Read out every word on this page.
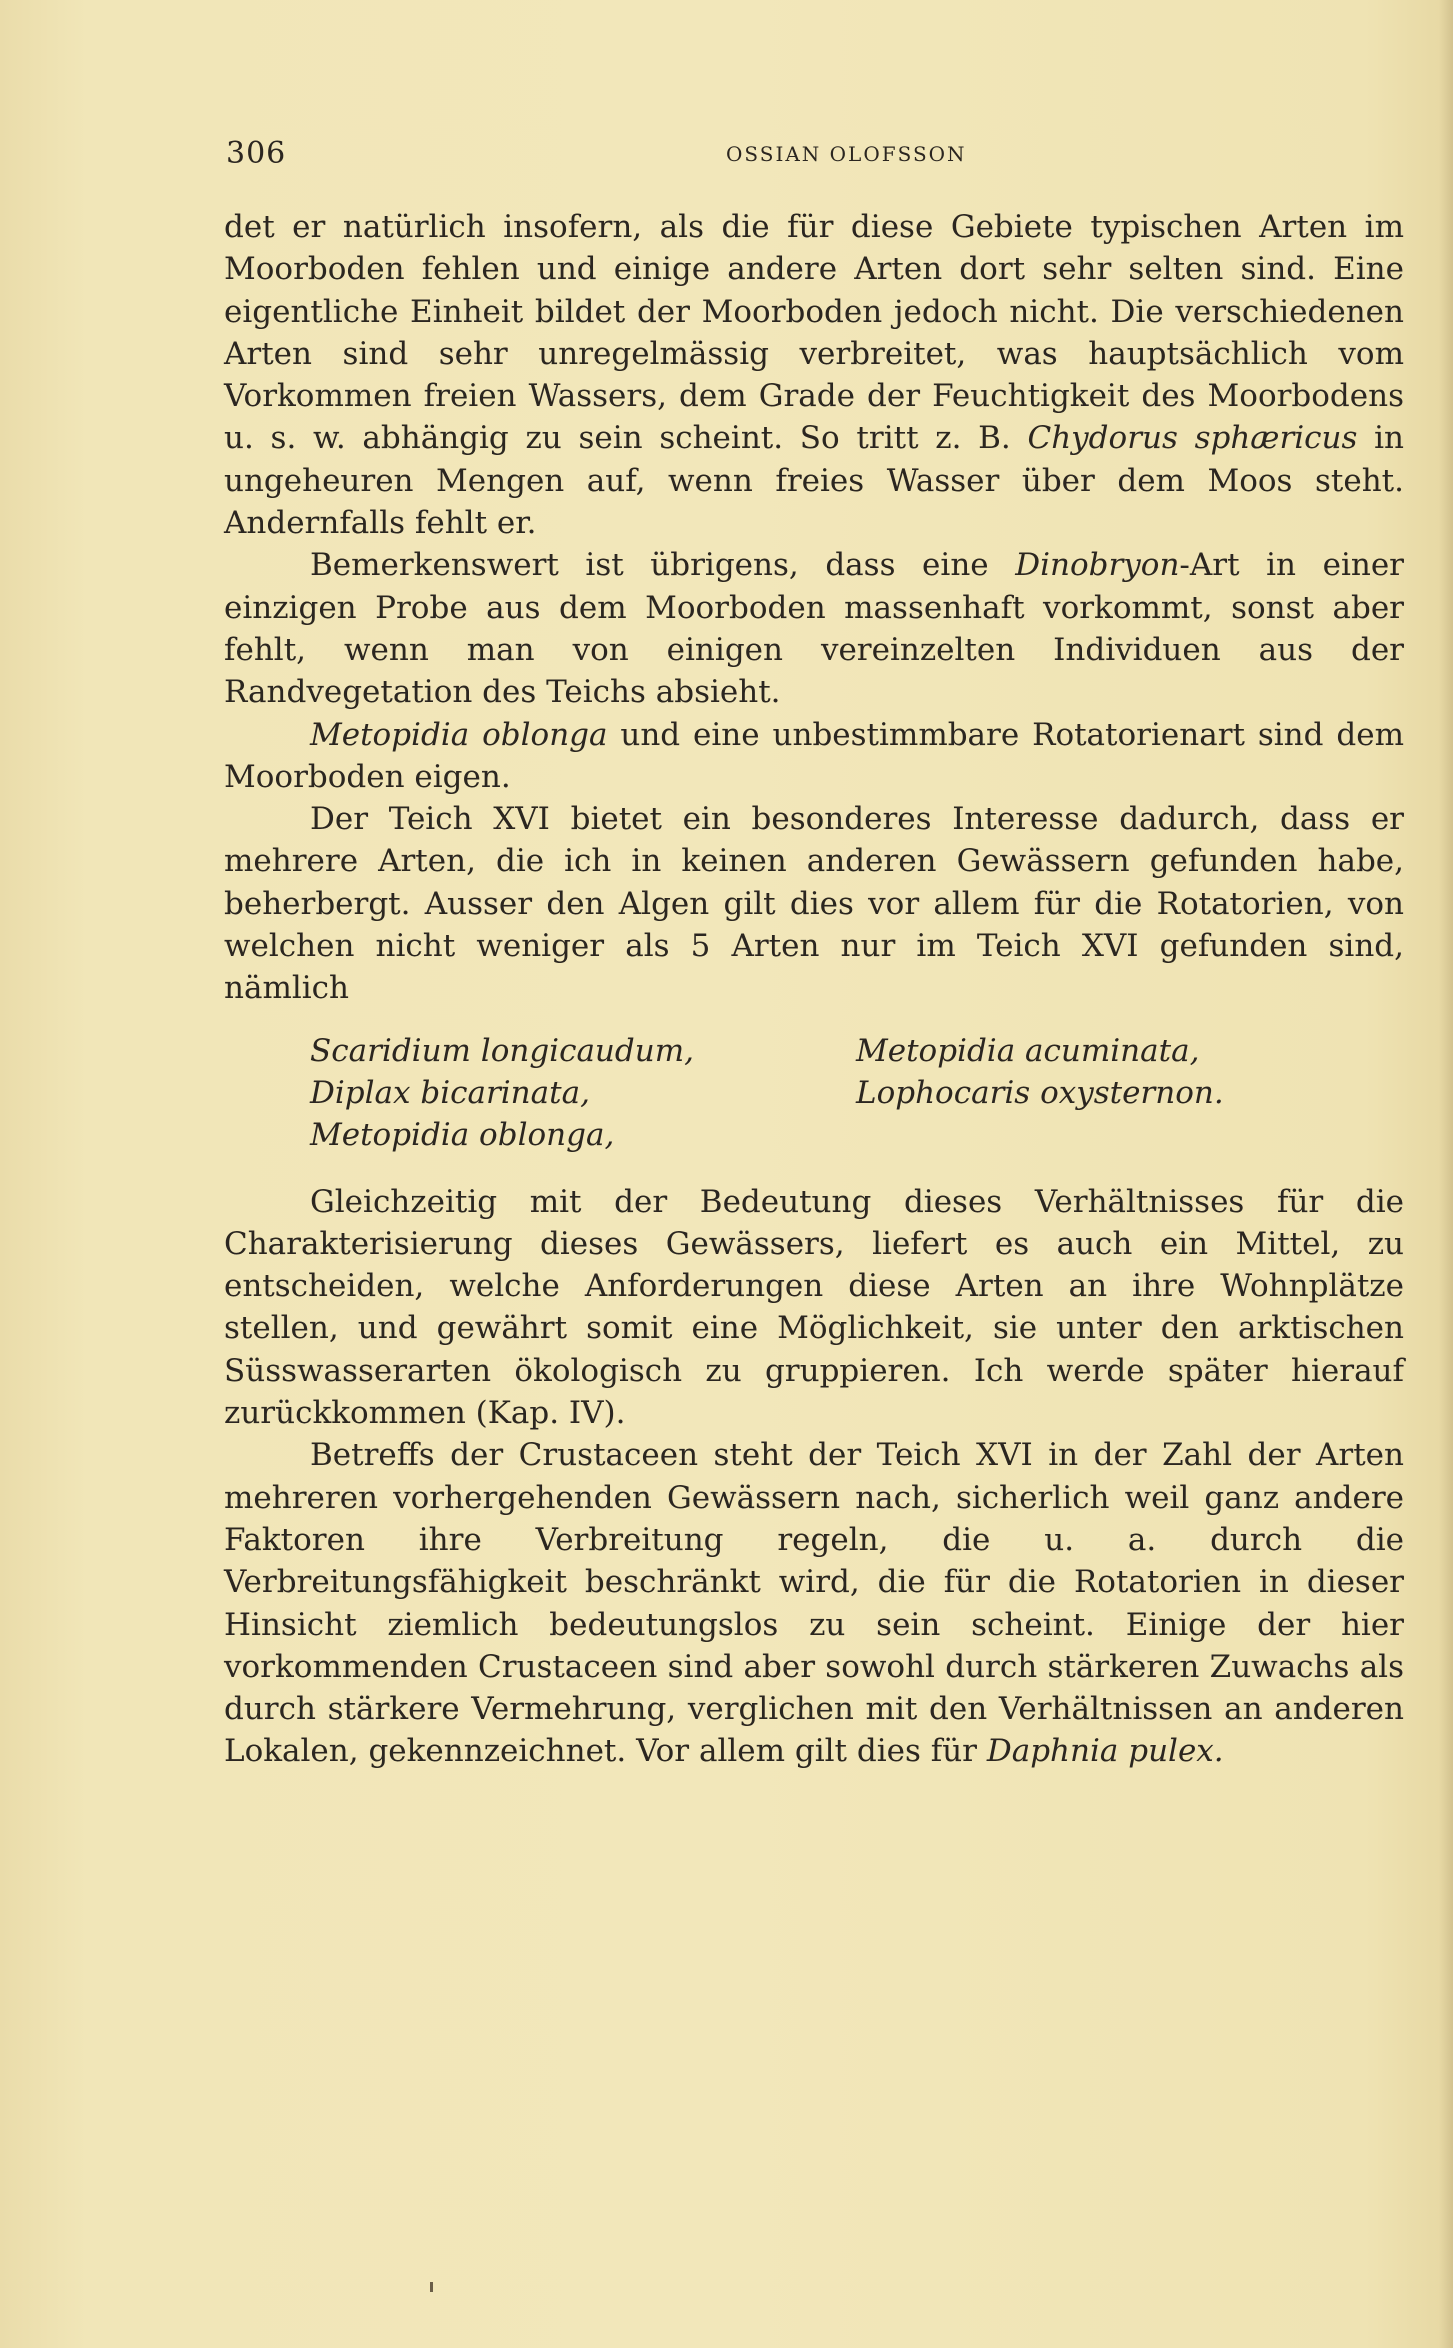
306	OSSIAN OLOFSSON

det er natürlich insofern, als die für diese Gebiete typischen Arten im Moorboden fehlen und einige andere Arten dort sehr selten sind. Eine eigentliche Einheit bildet der Moorboden jedoch nicht. Die verschiedenen Arten sind sehr unregelmässig verbreitet, was hauptsächlich vom Vorkommen freien Wassers, dem Grade der Feuchtigkeit des Moorbodens u. s. w. abhängig zu sein scheint. So tritt z. B. Chydorus sphæricus in ungeheuren Mengen auf, wenn freies Wasser über dem Moos steht. Andernfalls fehlt er.

Bemerkenswert ist übrigens, dass eine Dinobryon-Art in einer einzigen Probe aus dem Moorboden massenhaft vorkommt, sonst aber fehlt, wenn man von einigen vereinzelten Individuen aus der Randvegetation des Teichs absieht.

Metopidia oblonga und eine unbestimmbare Rotatorienart sind dem Moorboden eigen.

Der Teich XVI bietet ein besonderes Interesse dadurch, dass er mehrere Arten, die ich in keinen anderen Gewässern gefunden habe, beherbergt. Ausser den Algen gilt dies vor allem für die Rotatorien, von welchen nicht weniger als 5 Arten nur im Teich XVI gefunden sind, nämlich

Scaridium longicaudum,	Metopidia acuminata,
Diplax bicarinata,	Lophocaris oxysternon.
Metopidia oblonga,

Gleichzeitig mit der Bedeutung dieses Verhältnisses für die Charakterisierung dieses Gewässers, liefert es auch ein Mittel, zu entscheiden, welche Anforderungen diese Arten an ihre Wohnplätze stellen, und gewährt somit eine Möglichkeit, sie unter den arktischen Süsswasserarten ökologisch zu gruppieren. Ich werde später hierauf zurückkommen (Kap. IV).

Betreffs der Crustaceen steht der Teich XVI in der Zahl der Arten mehreren vorhergehenden Gewässern nach, sicherlich weil ganz andere Faktoren ihre Verbreitung regeln, die u. a. durch die Verbreitungsfähigkeit beschränkt wird, die für die Rotatorien in dieser Hinsicht ziemlich bedeutungslos zu sein scheint. Einige der hier vorkommenden Crustaceen sind aber sowohl durch stärkeren Zuwachs als durch stärkere Vermehrung, verglichen mit den Verhältnissen an anderen Lokalen, gekennzeichnet. Vor allem gilt dies für Daphnia pulex.
